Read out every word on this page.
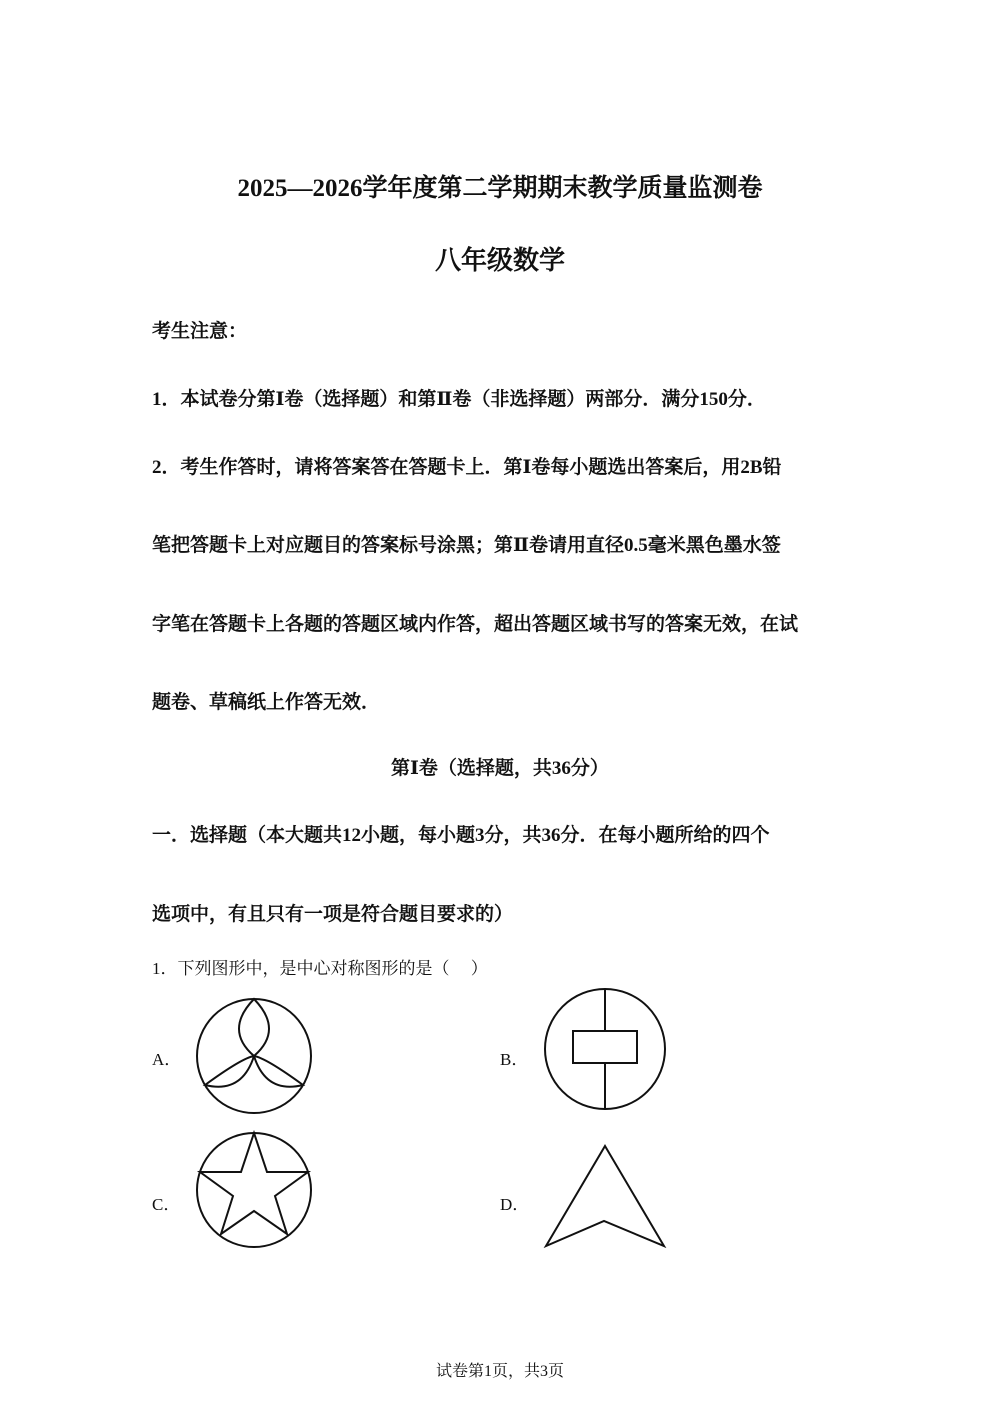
2025—2026学年度第二学期期末教学质量监测卷
八年级数学
考生注意：
1．本试卷分第Ⅰ卷（选择题）和第Ⅱ卷（非选择题）两部分．满分150分．
2．考生作答时，请将答案答在答题卡上．第Ⅰ卷每小题选出答案后，用2B铅
笔把答题卡上对应题目的答案标号涂黑；第Ⅱ卷请用直径0.5毫米黑色墨水签
字笔在答题卡上各题的答题区域内作答，超出答题区域书写的答案无效，在试
题卷、草稿纸上作答无效．
第Ⅰ卷（选择题，共36分）
一．选择题（本大题共12小题，每小题3分，共36分．在每小题所给的四个
选项中，有且只有一项是符合题目要求的）
1．下列图形中，是中心对称图形的是（　 ）
A．	B．
C．	D．
试卷第1页，共3页
